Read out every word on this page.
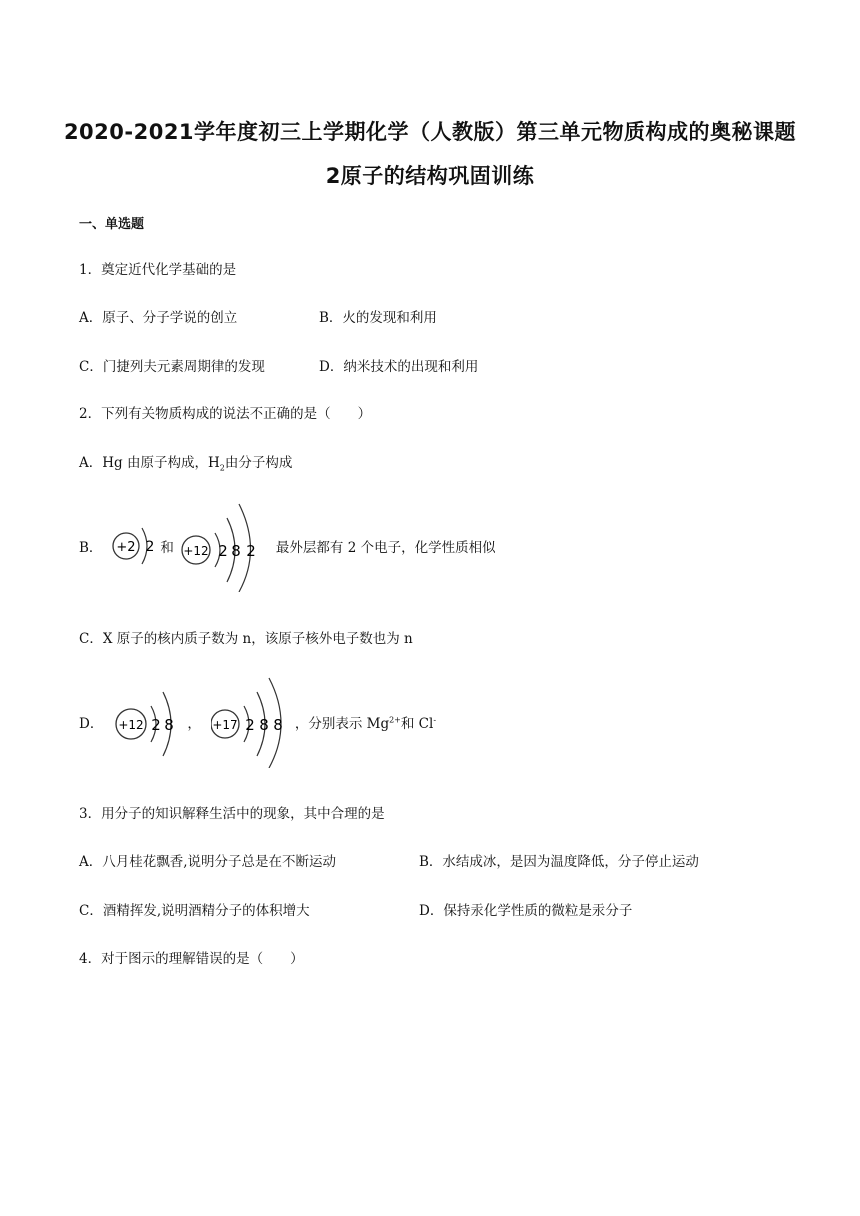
2020-2021学年度初三上学期化学（人教版）第三单元物质构成的奥秘课题
2原子的结构巩固训练
一、单选题
1．奠定近代化学基础的是
A．原子、分子学说的创立	B．火的发现和利用
C．门捷列夫元素周期律的发现	D．纳米技术的出现和利用
2．下列有关物质构成的说法不正确的是（　　）
A．Hg 由原子构成，$H_2$由分子构成
B． +2 2 和 +12 2 8 2 最外层都有 2 个电子，化学性质相似
C．X 原子的核内质子数为 n，该原子核外电子数也为 n
D． +12 2 8 ， +17 2 8 8 ，分别表示 $Mg^{2+}$和 Cl-
3．用分子的知识解释生活中的现象，其中合理的是
A．八月桂花飘香,说明分子总是在不断运动	B．水结成冰，是因为温度降低，分子停止运动
C．酒精挥发,说明酒精分子的体积增大	D．保持汞化学性质的微粒是汞分子
4．对于图示的理解错误的是（　　）
